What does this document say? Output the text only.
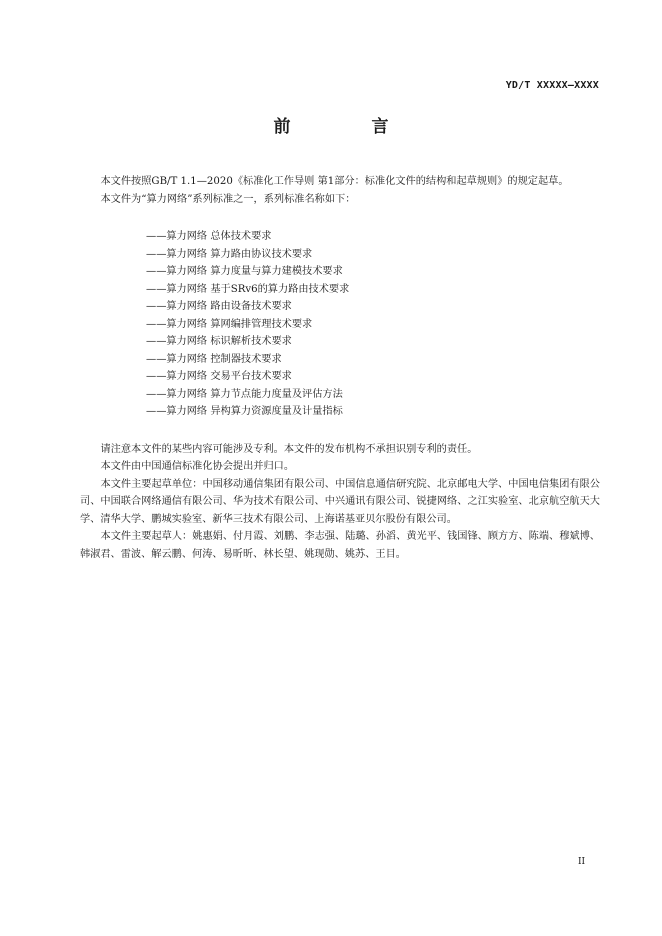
YD/T XXXXX—XXXX
前　言

本文件按照GB/T 1.1—2020《标准化工作导则 第1部分：标准化文件的结构和起草规则》的规定起草。

本文件为“算力网络”系列标准之一，系列标准名称如下：

——算力网络 总体技术要求
——算力网络 算力路由协议技术要求
——算力网络 算力度量与算力建模技术要求
——算力网络 基于SRv6的算力路由技术要求
——算力网络 路由设备技术要求
——算力网络 算网编排管理技术要求
——算力网络 标识解析技术要求
——算力网络 控制器技术要求
——算力网络 交易平台技术要求
——算力网络 算力节点能力度量及评估方法
——算力网络 异构算力资源度量及计量指标

请注意本文件的某些内容可能涉及专利。本文件的发布机构不承担识别专利的责任。

本文件由中国通信标准化协会提出并归口。

本文件主要起草单位：中国移动通信集团有限公司、中国信息通信研究院、北京邮电大学、中国电信集团有限公司、中国联合网络通信有限公司、华为技术有限公司、中兴通讯有限公司、锐捷网络、之江实验室、北京航空航天大学、清华大学、鹏城实验室、新华三技术有限公司、上海诺基亚贝尔股份有限公司。

本文件主要起草人：姚惠娟、付月霞、刘鹏、李志强、陆璐、孙滔、黄光平、钱国锋、顾方方、陈端、穆斌博、韩淑君、雷波、解云鹏、何涛、易昕昕、林长望、姚现勋、姚苏、王目。

II
